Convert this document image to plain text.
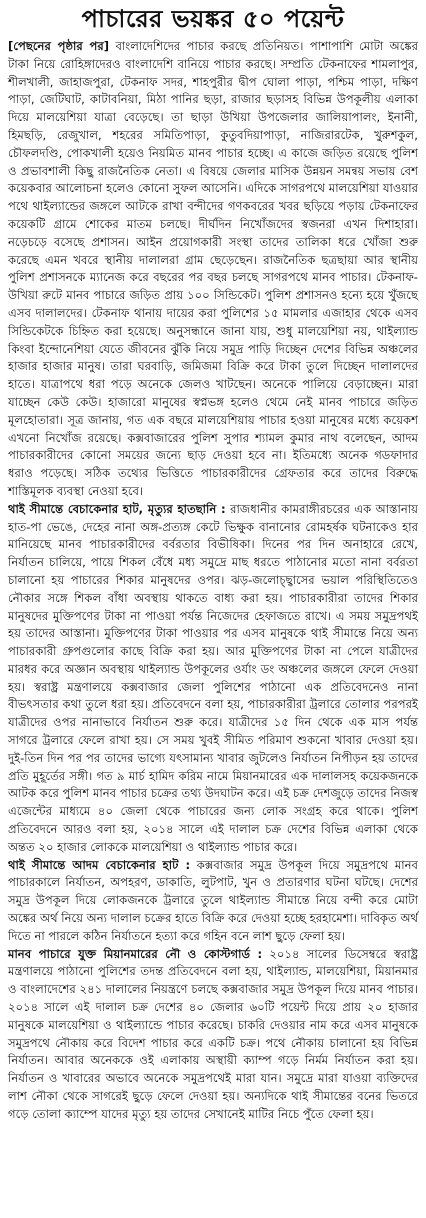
পাচারের ভয়ঙ্কর ৫০ পয়েন্ট

[পেছনের পৃষ্ঠার পর] বাংলাদেশিদের পাচার করছে প্রতিনিয়ত। পাশাপাশি মোটা অঙ্কের টাকা নিয়ে রোহিঙ্গাদেরও বাংলাদেশি বানিয়ে পাচার করছে। সম্প্রতি টেকনাফের শামলাপুর, শীলখালী, জাহাজপুরা, টেকনাফ সদর, শাহপুরীর দ্বীপ ঘোলা পাড়া, পশ্চিম পাড়া, দক্ষিণ পাড়া, জেটিঘাট, কাটাবনিয়া, মিঠা পানির ছড়া, রাজার ছড়াসহ বিভিন্ন উপকূলীয় এলাকা দিয়ে মালয়েশিয়া যাত্রা বেড়েছে। তা ছাড়া উখিয়া উপজেলার জালিয়াপালং, ইনানী, হিমছড়ি, রেজুখাল, শহরের সমিতিপাড়া, কুতুবদিয়াপাড়া, নাজিরারটেক, খুরুশকুল, চৌফলদণ্ডি, পোকখালী হয়েও নিয়মিত মানব পাচার হচ্ছে। এ কাজে জড়িত রয়েছে পুলিশ ও প্রভাবশালী কিছু রাজনৈতিক নেতা। এ বিষয়ে জেলার মাসিক উন্নয়ন সমন্বয় সভায় বেশ কয়েকবার আলোচনা হলেও কোনো সুফল আসেনি। এদিকে সাগরপথে মালয়েশিয়া যাওয়ার পথে থাইল্যান্ডের জঙ্গলে আটকে রাখা বন্দীদের গণকবরের খবর ছড়িয়ে পড়ায় টেকনাফের কয়েকটি গ্রামে শোকের মাতম চলছে। দীর্ঘদিন নিখোঁজদের স্বজনরা এখন দিশাহারা। নড়েচড়ে বসেছে প্রশাসন। আইন প্রয়োগকারী সংস্থা তাদের তালিকা ধরে খোঁজা শুরু করেছে এমন খবরে স্থানীয় দালালরা গ্রাম ছেড়েছেন। রাজনৈতিক ছত্রছায়া আর স্থানীয় পুলিশ প্রশাসনকে ম্যানেজ করে বছরের পর বছর চলছে সাগরপথে মানব পাচার। টেকনাফ-উখিয়া রুটে মানব পাচারে জড়িত প্রায় ১০০ সিন্ডিকেট। পুলিশ প্রশাসনও হন্যে হয়ে খুঁজছে এসব দালালদের। টেকনাফ থানায় দায়ের করা পুলিশের ১৫ মামলার এজাহার থেকে এসব সিন্ডিকেটকে চিহ্নিত করা হয়েছে। অনুসন্ধানে জানা যায়, শুধু মালয়েশিয়া নয়, থাইল্যান্ড কিংবা ইন্দোনেশিয়া যেতে জীবনের ঝুঁকি নিয়ে সমুদ্র পাড়ি দিচ্ছেন দেশের বিভিন্ন অঞ্চলের হাজার হাজার মানুষ। তারা ঘরবাড়ি, জমিজমা বিক্রি করে টাকা তুলে দিচ্ছেন দালালদের হাতে। যাত্রাপথে ধরা পড়ে অনেকে জেলও খাটছেন। অনেকে পালিয়ে বেড়াচ্ছেন। মারা যাচ্ছেন কেউ কেউ। হাজারো মানুষের স্বপ্নভঙ্গ হলেও থেমে নেই মানব পাচারে জড়িত মূলহোতারা। সূত্র জানায়, গত এক বছরে মালয়েশিয়ায় পাচার হওয়া মানুষের মধ্যে কয়েকশ এখনো নিখোঁজ রয়েছে। কক্সবাজারের পুলিশ সুপার শ্যামল কুমার নাথ বলেছেন, আদম পাচারকারীদের কোনো সময়ের জন্যে ছাড় দেওয়া হবে না। ইতিমধ্যে অনেক গডফাদার ধরাও পড়েছে। সঠিক তথ্যের ভিত্তিতে পাচারকারীদের গ্রেফতার করে তাদের বিরুদ্ধে শাস্তিমূলক ব্যবস্থা নেওয়া হবে।

থাই সীমান্তে বেচাকেনার হাট, মৃত্যুর হাতছানি : রাজধানীর কামরাঙ্গীরচরের এক আস্তানায় হাত-পা ভেঙে, দেহের নানা অঙ্গ-প্রত্যঙ্গ কেটে ভিক্ষুক বানানোর রোমহর্ষক ঘটনাকেও হার মানিয়েছে মানব পাচারকারীদের বর্বরতার বিভীষিকা। দিনের পর দিন অনাহারে রেখে, নির্যাতন চালিয়ে, পায়ে শিকল বেঁধে মধ্য সমুদ্রে মাছ ধরতে পাঠানোর মতো নানা বর্বরতা চালানো হয় পাচারের শিকার মানুষদের ওপর। ঝড়-জলোচ্ছ্বাসের ভয়াল পরিস্থিতিতেও নৌকার সঙ্গে শিকল বাঁধা অবস্থায় থাকতে বাধ্য করা হয়। পাচারকারীরা তাদের শিকার মানুষদের মুক্তিপণের টাকা না পাওয়া পর্যন্ত নিজেদের হেফাজতে রাখে। এ সময় সমুদ্রপথই হয় তাদের আস্তানা। মুক্তিপণের টাকা পাওয়ার পর এসব মানুষকে থাই সীমান্তে নিয়ে অন্য পাচারকারী গ্রুপগুলোর কাছে বিক্রি করা হয়। আর মুক্তিপণের টাকা না পেলে যাত্রীদের মারধর করে অজ্ঞান অবস্থায় থাইল্যান্ড উপকূলের ওর্যাং ডং অঞ্চলের জঙ্গলে ফেলে দেওয়া হয়। স্বরাষ্ট্র মন্ত্রণালয়ে কক্সবাজার জেলা পুলিশের পাঠানো এক প্রতিবেদনেও নানা বীভৎসতার কথা তুলে ধরা হয়। প্রতিবেদনে বলা হয়, পাচারকারীরা ট্রলারে তোলার পরপরই যাত্রীদের ওপর নানাভাবে নির্যাতন শুরু করে। যাত্রীদের ১৫ দিন থেকে এক মাস পর্যন্ত সাগরে ট্রলারে ফেলে রাখা হয়। সে সময় খুবই সীমিত পরিমাণ শুকনো খাবার দেওয়া হয়। দুই-তিন দিন পর পর তাদের ভাগ্যে যৎসামান্য খাবার জুটলেও নির্যাতন নিপীড়ন হয় তাদের প্রতি মুহূর্তের সঙ্গী। গত ৯ মার্চ হামিদ করিম নামে মিয়ানমারের এক দালালসহ কয়েকজনকে আটক করে পুলিশ মানব পাচার চক্রের তথ্য উদঘাটন করে। এই চক্র দেশজুড়ে তাদের নিজস্ব এজেন্টের মাধ্যমে ৪০ জেলা থেকে পাচারের জন্য লোক সংগ্রহ করে থাকে। পুলিশ প্রতিবেদনে আরও বলা হয়, ২০১৪ সালে এই দালাল চক্র দেশের বিভিন্ন এলাকা থেকে অন্তত ২০ হাজার লোককে মালয়েশিয়া ও থাইল্যান্ড পাচার করে।

থাই সীমান্তে আদম বেচাকেনার হাট : কক্সবাজার সমুদ্র উপকূল দিয়ে সমুদ্রপথে মানব পাচারকালে নির্যাতন, অপহরণ, ডাকাতি, লুটপাট, খুন ও প্রতারণার ঘটনা ঘটছে। দেশের সমুদ্র উপকূল দিয়ে লোকজনকে ট্রলারে তুলে থাইল্যান্ড সীমান্তে নিয়ে বন্দী করে মোটা অঙ্কের অর্থ নিয়ে অন্য দালাল চক্রের হাতে বিক্রি করে দেওয়া হচ্ছে হরহামেশা। দাবিকৃত অর্থ দিতে না পারলে কঠিন নির্যাতনে হত্যা করে গহিন বনে লাশ ছুড়ে ফেলা হয়।

মানব পাচারে যুক্ত মিয়ানমারের নৌ ও কোস্টগার্ড : ২০১৪ সালের ডিসেম্বরে স্বরাষ্ট্র মন্ত্রণালয়ে পাঠানো পুলিশের তদন্ত প্রতিবেদনে বলা হয়, থাইল্যান্ড, মালয়েশিয়া, মিয়ানমার ও বাংলাদেশের ২৪১ দালালের নিয়ন্ত্রণে চলছে কক্সবাজার সমুদ্র উপকূল দিয়ে মানব পাচার। ২০১৪ সালে এই দালাল চক্র দেশের ৪০ জেলার ৬০টি পয়েন্ট দিয়ে প্রায় ২০ হাজার মানুষকে মালয়েশিয়া ও থাইল্যান্ডে পাচার করেছে। চাকরি দেওয়ার নাম করে এসব মানুষকে সমুদ্রপথে নৌকায় করে বিদেশ পাচার করে একটি চক্র। পথে নৌকায় চালানো হয় বিভিন্ন নির্যাতন। আবার অনেককে ওই এলাকায় অস্থায়ী ক্যাম্প গড়ে নির্মম নির্যাতন করা হয়। নির্যাতন ও খাবারের অভাবে অনেকে সমুদ্রপথেই মারা যান। সমুদ্রে মারা যাওয়া ব্যক্তিদের লাশ নৌকা থেকে সাগরেই ছুড়ে ফেলে দেওয়া হয়। অন্যদিকে থাই সীমান্তের বনের ভিতরে গড়ে তোলা ক্যাম্পে যাদের মৃত্যু হয় তাদের সেখানেই মাটির নিচে পুঁতে ফেলা হয়।
